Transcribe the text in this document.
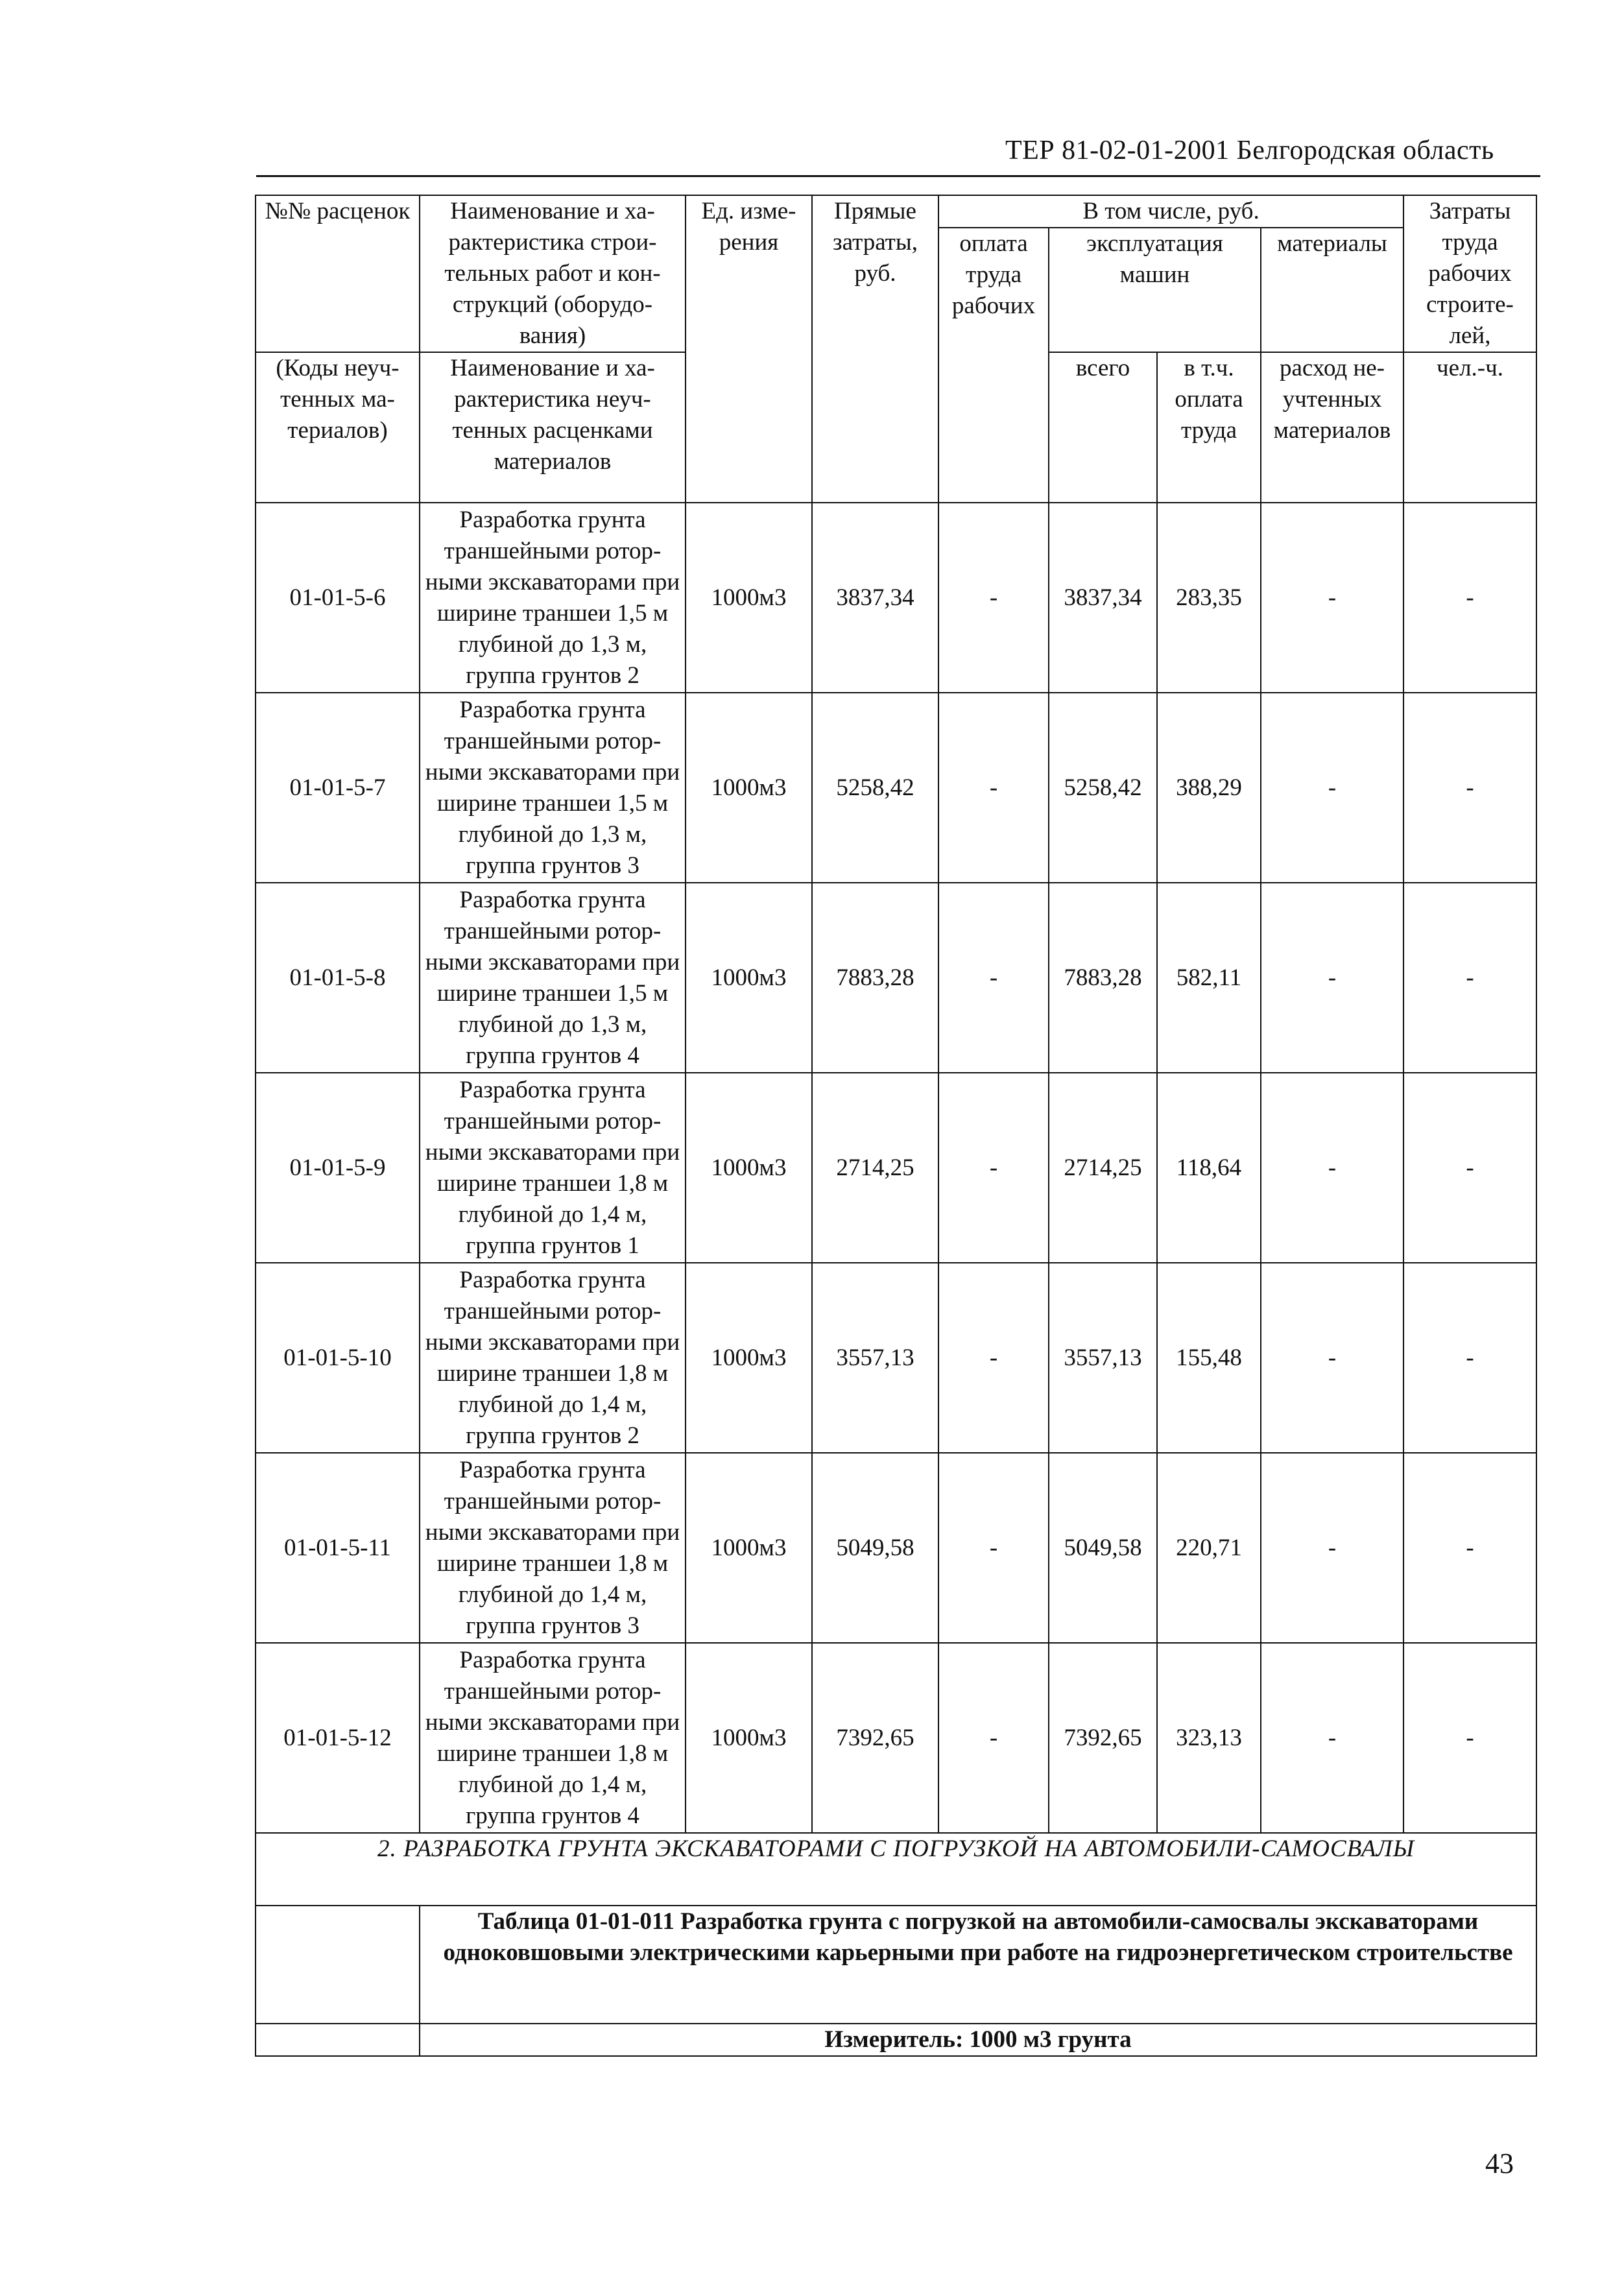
ТЕР 81-02-01-2001 Белгородская область
№№ расценок	Наименование и ха-рактеристика строи-тельных работ и кон-струкций (оборудо-вания)	Ед. изме-рения	Прямые затраты, руб.	В том числе, руб.				Затраты труда рабочих строите-лей,
				оплата труда рабочих	эксплуатация машин		материалы	
(Коды неуч-тенных ма-териалов)	Наименование и ха-рактеристика неуч-тенных расценками материалов				всего	в т.ч. оплата труда	расход не-учтенных материалов	чел.-ч.
01-01-5-6	Разработка грунта траншейными ротор-ными экскаваторами при ширине траншеи 1,5 м глубиной до 1,3 м, группа грунтов 2	1000м3	3837,34	-	3837,34	283,35	-	-
01-01-5-7	Разработка грунта траншейными ротор-ными экскаваторами при ширине траншеи 1,5 м глубиной до 1,3 м, группа грунтов 3	1000м3	5258,42	-	5258,42	388,29	-	-
01-01-5-8	Разработка грунта траншейными ротор-ными экскаваторами при ширине траншеи 1,5 м глубиной до 1,3 м, группа грунтов 4	1000м3	7883,28	-	7883,28	582,11	-	-
01-01-5-9	Разработка грунта траншейными ротор-ными экскаваторами при ширине траншеи 1,8 м глубиной до 1,4 м, группа грунтов 1	1000м3	2714,25	-	2714,25	118,64	-	-
01-01-5-10	Разработка грунта траншейными ротор-ными экскаваторами при ширине траншеи 1,8 м глубиной до 1,4 м, группа грунтов 2	1000м3	3557,13	-	3557,13	155,48	-	-
01-01-5-11	Разработка грунта траншейными ротор-ными экскаваторами при ширине траншеи 1,8 м глубиной до 1,4 м, группа грунтов 3	1000м3	5049,58	-	5049,58	220,71	-	-
01-01-5-12	Разработка грунта траншейными ротор-ными экскаваторами при ширине траншеи 1,8 м глубиной до 1,4 м, группа грунтов 4	1000м3	7392,65	-	7392,65	323,13	-	-
2. РАЗРАБОТКА ГРУНТА ЭКСКАВАТОРАМИ С ПОГРУЗКОЙ НА АВТОМОБИЛИ-САМОСВАЛЫ								
	Таблица 01-01-011 Разработка грунта с погрузкой на автомобили-самосвалы экскаваторами одноковшовыми электрическими карьерными при работе на гидроэнергетическом строительстве							
	Измеритель: 1000 м3 грунта							
43
